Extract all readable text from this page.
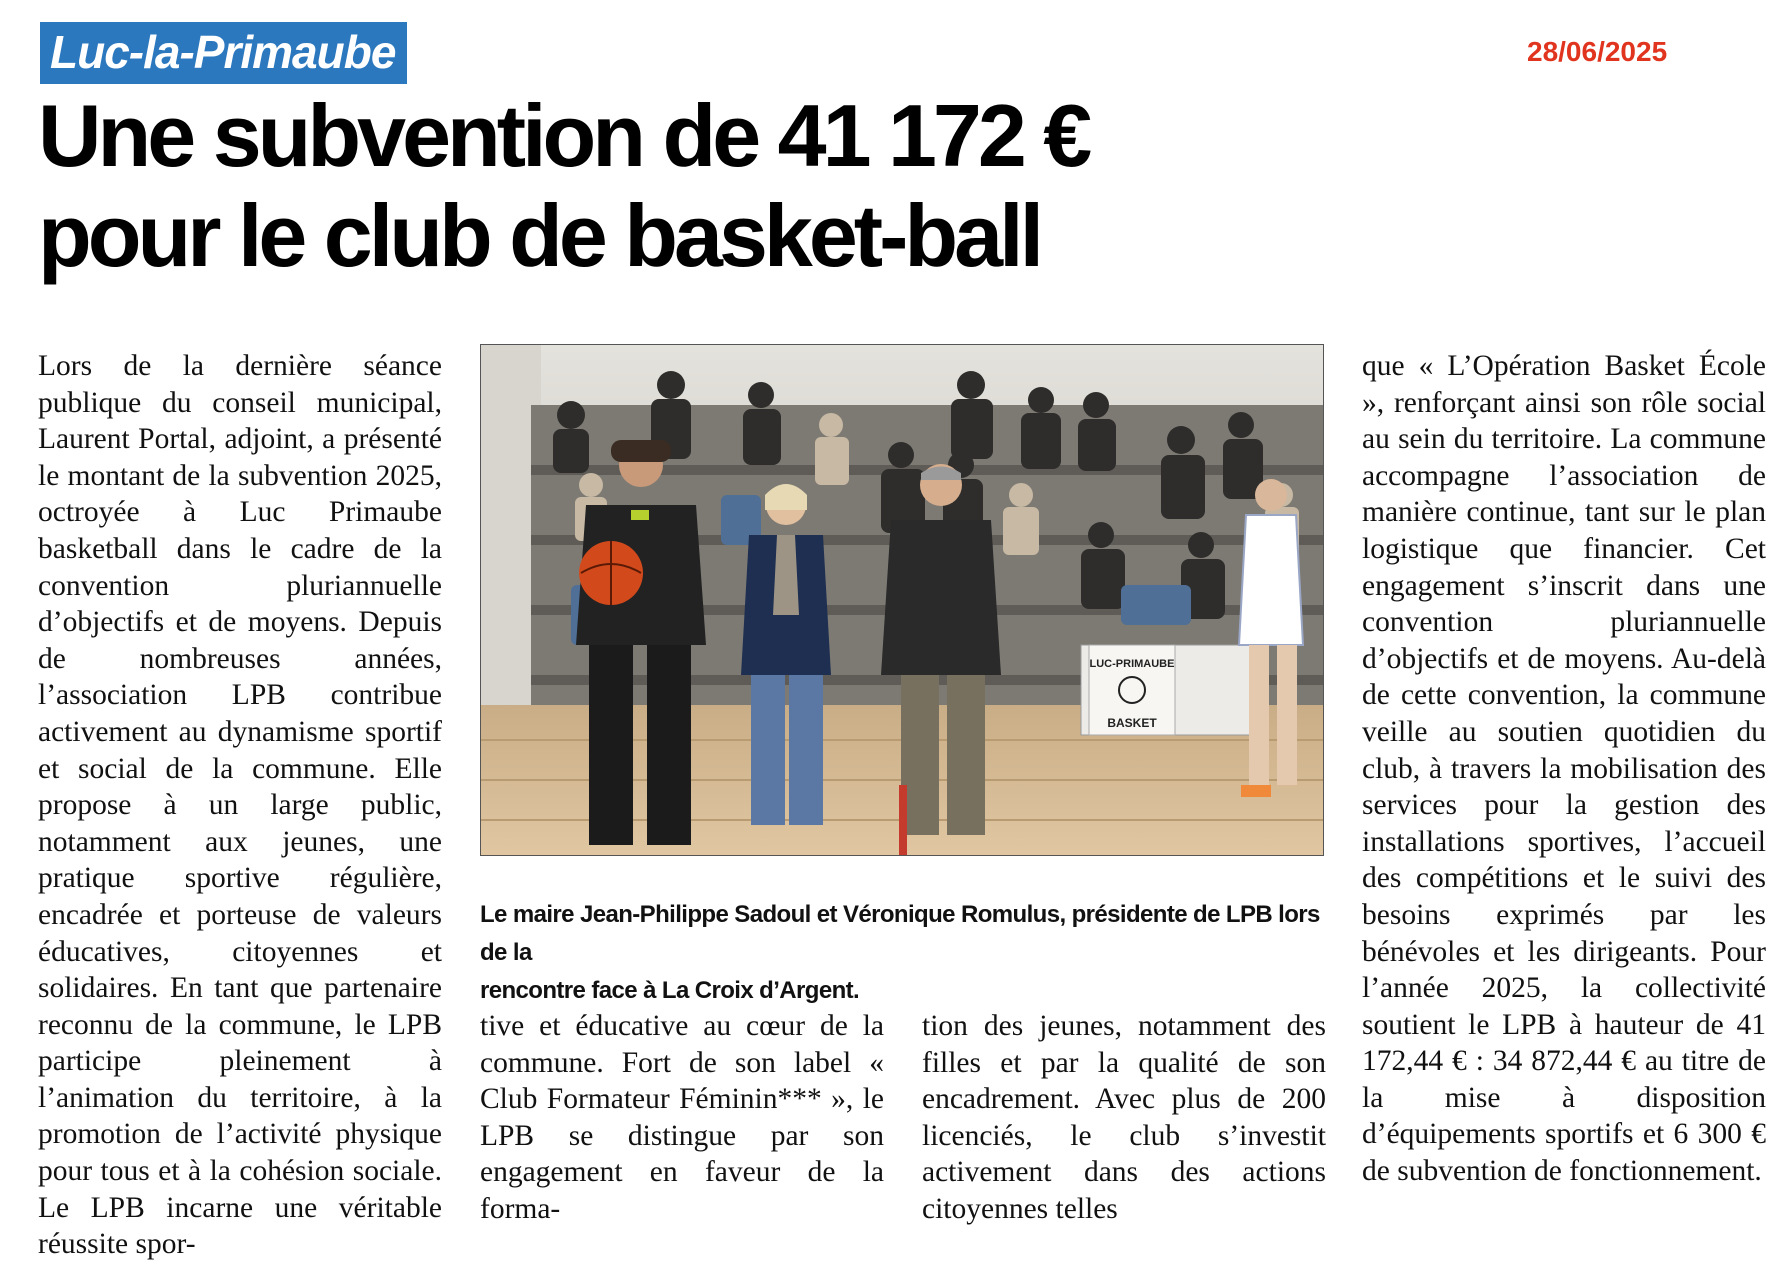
Luc-la-Primaube	28/06/2025
Une subvention de 41 172 €
pour le club de basket-ball

Lors de la dernière séance publique du conseil municipal, Laurent Portal, adjoint, a présenté le montant de la subvention 2025, octroyée à Luc Primaube basketball dans le cadre de la convention pluriannuelle d’objectifs et de moyens. Depuis de nombreuses années, l’association LPB contribue activement au dynamisme sportif et social de la commune. Elle propose à un large public, notamment aux jeunes, une pratique sportive régulière, encadrée et porteuse de valeurs éducatives, citoyennes et solidaires. En tant que partenaire reconnu de la commune, le LPB participe pleinement à l’animation du territoire, à la promotion de l’activité physique pour tous et à la cohésion sociale. Le LPB incarne une véritable réussite spor-

LUC-PRIMAUBE
BASKET
Le maire Jean-Philippe Sadoul et Véronique Romulus, présidente de LPB lors de la
rencontre face à La Croix d’Argent.

tive et éducative au cœur de la commune. Fort de son label « Club Formateur Féminin*** », le LPB se distingue par son engagement en faveur de la forma-

tion des jeunes, notamment des filles et par la qualité de son encadrement. Avec plus de 200 licenciés, le club s’investit activement dans des actions citoyennes telles

que « L’Opération Basket École », renforçant ainsi son rôle social au sein du territoire. La commune accompagne l’association de manière continue, tant sur le plan logistique que financier. Cet engagement s’inscrit dans une convention pluriannuelle d’objectifs et de moyens. Au-delà de cette convention, la commune veille au soutien quotidien du club, à travers la mobilisation des services pour la gestion des installations sportives, l’accueil des compétitions et le suivi des besoins exprimés par les bénévoles et les dirigeants. Pour l’année 2025, la collectivité soutient le LPB à hauteur de 41 172,44 € : 34 872,44 € au titre de la mise à disposition d’équipements sportifs et 6 300 € de subvention de fonctionnement.
